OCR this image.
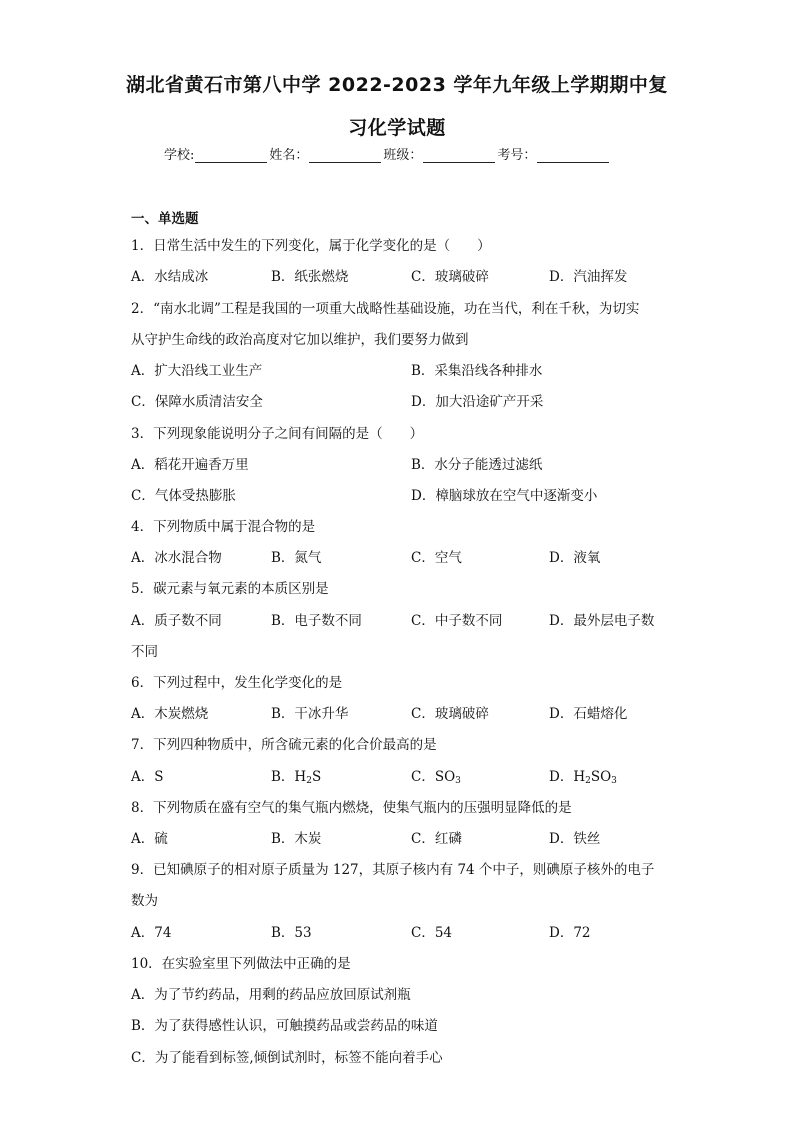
湖北省黄石市第八中学 2022-2023 学年九年级上学期期中复
习化学试题
学校:	姓名：	班级：	考号：
一、单选题
1．日常生活中发生的下列变化，属于化学变化的是（　　）
A．水结成冰	B．纸张燃烧	C．玻璃破碎	D．汽油挥发
2．“南水北调”工程是我国的一项重大战略性基础设施，功在当代，利在千秋，为切实
从守护生命线的政治高度对它加以维护，我们要努力做到
A．扩大沿线工业生产	B．采集沿线各种排水
C．保障水质清洁安全	D．加大沿途矿产开采
3．下列现象能说明分子之间有间隔的是（　　）
A．稻花开遍香万里	B．水分子能透过滤纸
C．气体受热膨胀	D．樟脑球放在空气中逐渐变小
4．下列物质中属于混合物的是
A．冰水混合物	B．氮气	C．空气	D．液氧
5．碳元素与氧元素的本质区别是
A．质子数不同	B．电子数不同	C．中子数不同	D．最外层电子数
不同
6．下列过程中，发生化学变化的是
A．木炭燃烧	B．干冰升华	C．玻璃破碎	D．石蜡熔化
7．下列四种物质中，所含硫元素的化合价最高的是
A．S	B．$H_2S$	C．$SO_3$	D．$H_2SO_3$
8．下列物质在盛有空气的集气瓶内燃烧，使集气瓶内的压强明显降低的是
A．硫	B．木炭	C．红磷	D．铁丝
9．已知碘原子的相对原子质量为 127，其原子核内有 74 个中子，则碘原子核外的电子
数为
A．74	B．53	C．54	D．72
10．在实验室里下列做法中正确的是
A．为了节约药品，用剩的药品应放回原试剂瓶
B．为了获得感性认识，可触摸药品或尝药品的味道
C．为了能看到标签,倾倒试剂时，标签不能向着手心
